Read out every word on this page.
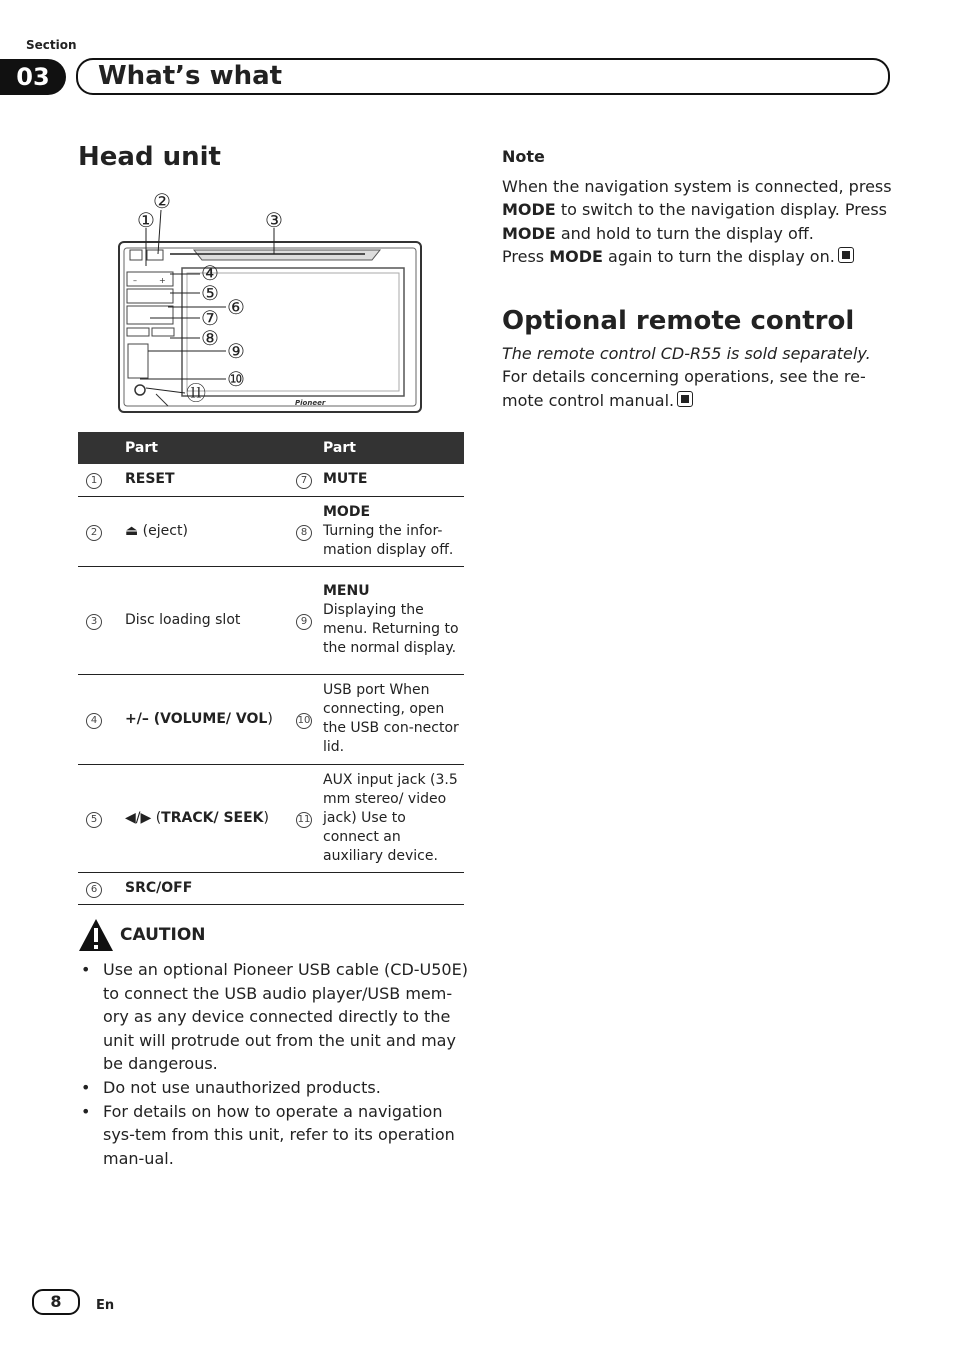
Section
03	What’s what
Head unit
–	+
Pioneer
①
②
③
④
⑤
⑥
⑦
⑧
⑨
⑩
⑪
	Part		Part
1	RESET	7	MUTE
2	⏏ (eject)	8	MODE
Turning the infor-mation display off.
3	Disc loading slot	9	MENU
Displaying the menu. Returning to the normal display.
4	+/– (VOLUME/ VOL)	10	USB port When connecting, open the USB con-nector lid.
5	◀/▶ (TRACK/ SEEK)	11	AUX input jack (3.5 mm stereo/ video jack) Use to connect an auxiliary device.
6	SRC/OFF		
CAUTION
• Use an optional Pioneer USB cable (CD-U50E) to connect the USB audio player/USB mem-ory as any device connected directly to the unit will protrude out from the unit and may be dangerous.
• Do not use unauthorized products.
• For details on how to operate a navigation sys-tem from this unit, refer to its operation man-ual.
Note
When the navigation system is connected, press MODE to switch to the navigation display. Press MODE and hold to turn the display off.
Press MODE again to turn the display on.
Optional remote control
The remote control CD-R55 is sold separately.
For details concerning operations, see the re-mote control manual.
8	En
